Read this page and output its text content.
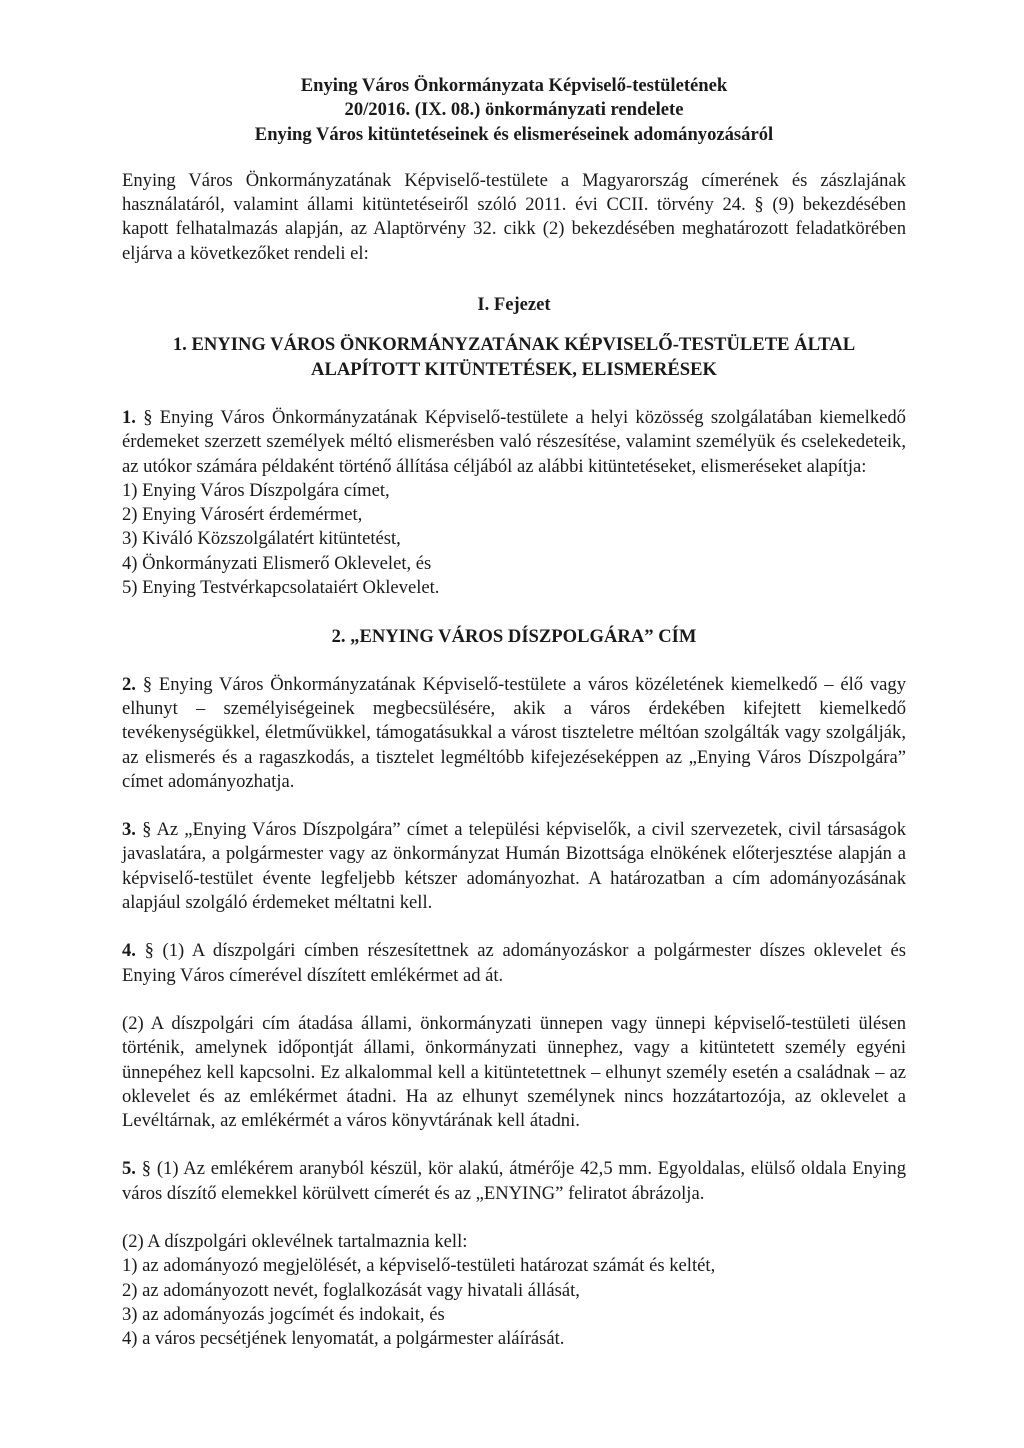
Enying Város Önkormányzata Képviselő-testületének
20/2016. (IX. 08.) önkormányzati rendelete
Enying Város kitüntetéseinek és elismeréseinek adományozásáról

Enying Város Önkormányzatának Képviselő-testülete a Magyarország címerének és zászlajának használatáról, valamint állami kitüntetéseiről szóló 2011. évi CCII. törvény 24. § (9) bekezdésében kapott felhatalmazás alapján, az Alaptörvény 32. cikk (2) bekezdésében meghatározott feladatkörében eljárva a következőket rendeli el:

I. Fejezet

1. ENYING VÁROS ÖNKORMÁNYZATÁNAK KÉPVISELŐ-TESTÜLETE ÁLTAL

ALAPÍTOTT KITÜNTETÉSEK, ELISMERÉSEK

1. § Enying Város Önkormányzatának Képviselő-testülete a helyi közösség szolgálatában kiemelkedő érdemeket szerzett személyek méltó elismerésben való részesítése, valamint személyük és cselekedeteik, az utókor számára példaként történő állítása céljából az alábbi kitüntetéseket, elismeréseket alapítja:

1) Enying Város Díszpolgára címet,

2) Enying Városért érdemérmet,

3) Kiváló Közszolgálatért kitüntetést,

4) Önkormányzati Elismerő Oklevelet, és

5) Enying Testvérkapcsolataiért Oklevelet.

2. „ENYING VÁROS DÍSZPOLGÁRA” CÍM

2. § Enying Város Önkormányzatának Képviselő-testülete a város közéletének kiemelkedő – élő vagy elhunyt – személyiségeinek megbecsülésére, akik a város érdekében kifejtett kiemelkedő tevékenységükkel, életművükkel, támogatásukkal a várost tiszteletre méltóan szolgálták vagy szolgálják, az elismerés és a ragaszkodás, a tisztelet legméltóbb kifejezéseképpen az „Enying Város Díszpolgára” címet adományozhatja.

3. § Az „Enying Város Díszpolgára” címet a települési képviselők, a civil szervezetek, civil társaságok javaslatára, a polgármester vagy az önkormányzat Humán Bizottsága elnökének előterjesztése alapján a képviselő-testület évente legfeljebb kétszer adományozhat. A határozatban a cím adományozásának alapjául szolgáló érdemeket méltatni kell.

4. § (1) A díszpolgári címben részesítettnek az adományozáskor a polgármester díszes oklevelet és Enying Város címerével díszített emlékérmet ad át.

(2) A díszpolgári cím átadása állami, önkormányzati ünnepen vagy ünnepi képviselő-testületi ülésen történik, amelynek időpontját állami, önkormányzati ünnephez, vagy a kitüntetett személy egyéni ünnepéhez kell kapcsolni. Ez alkalommal kell a kitüntetettnek – elhunyt személy esetén a családnak – az oklevelet és az emlékérmet átadni. Ha az elhunyt személynek nincs hozzátartozója, az oklevelet a Levéltárnak, az emlékérmét a város könyvtárának kell átadni.

5. § (1) Az emlékérem aranyból készül, kör alakú, átmérője 42,5 mm. Egyoldalas, elülső oldala Enying város díszítő elemekkel körülvett címerét és az „ENYING” feliratot ábrázolja.

(2) A díszpolgári oklevélnek tartalmaznia kell:

1) az adományozó megjelölését, a képviselő-testületi határozat számát és keltét,

2) az adományozott nevét, foglalkozását vagy hivatali állását,

3) az adományozás jogcímét és indokait, és

4) a város pecsétjének lenyomatát, a polgármester aláírását.
